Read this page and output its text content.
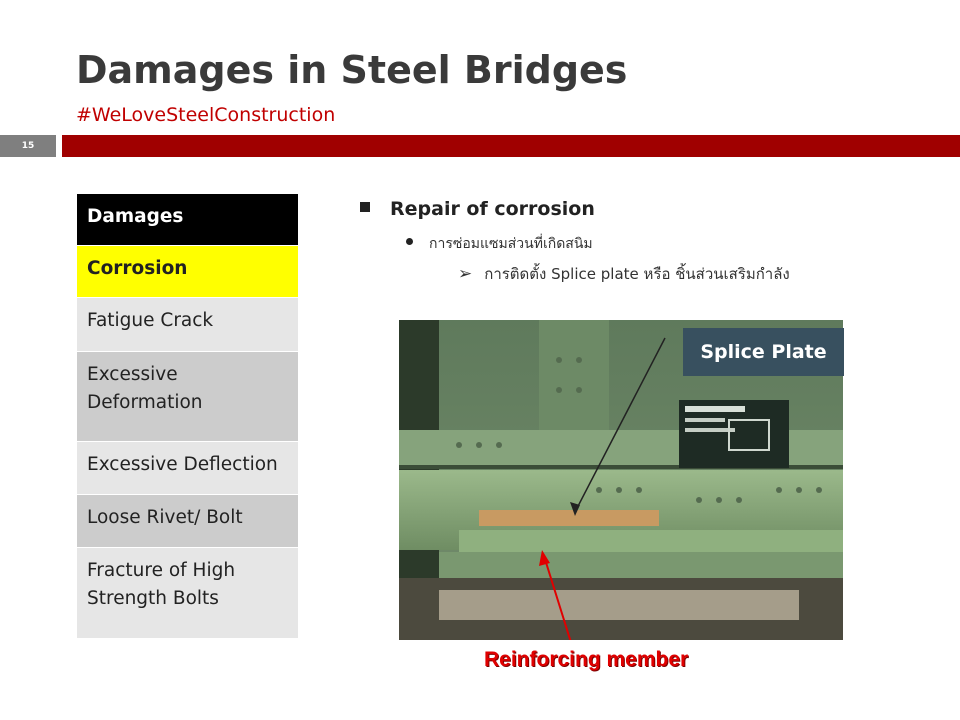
Damages in Steel Bridges
#WeLoveSteelConstruction
15
Damages
Corrosion
Fatigue Crack
Excessive Deformation
Excessive Deflection
Loose Rivet/ Bolt
Fracture of High Strength Bolts
Repair of corrosion
การซ่อมแซมส่วนที่เกิดสนิม
➢ การติดตั้ง Splice plate หรือ ชิ้นส่วนเสริมกำลัง
Splice Plate
Reinforcing member
